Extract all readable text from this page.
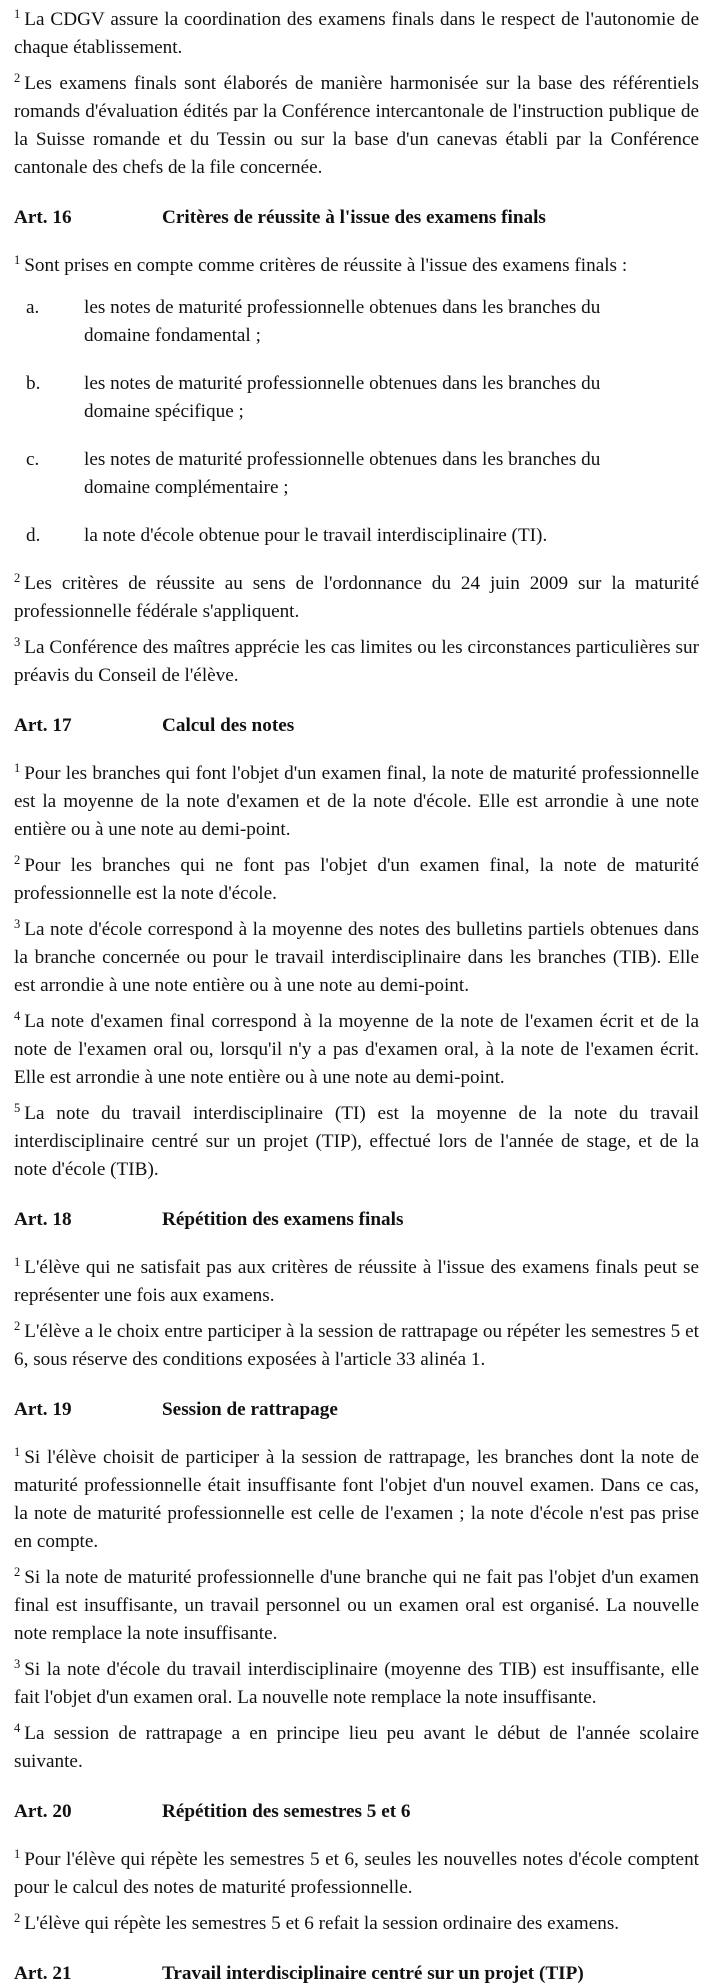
$^1$ La CDGV assure la coordination des examens finals dans le respect de l'autonomie de chaque établissement.

$^2$ Les examens finals sont élaborés de manière harmonisée sur la base des référentiels romands d'évaluation édités par la Conférence intercantonale de l'instruction publique de la Suisse romande et du Tessin ou sur la base d'un canevas établi par la Conférence cantonale des chefs de la file concernée.

Art. 16	Critères de réussite à l'issue des examens finals

$^1$ Sont prises en compte comme critères de réussite à l'issue des examens finals :

a.	les notes de maturité professionnelle obtenues dans les branches du domaine fondamental ;
b.	les notes de maturité professionnelle obtenues dans les branches du domaine spécifique ;
c.	les notes de maturité professionnelle obtenues dans les branches du domaine complémentaire ;
d.	la note d'école obtenue pour le travail interdisciplinaire (TI).

$^2$ Les critères de réussite au sens de l'ordonnance du 24 juin 2009 sur la maturité professionnelle fédérale s'appliquent.

$^3$ La Conférence des maîtres apprécie les cas limites ou les circonstances particulières sur préavis du Conseil de l'élève.

Art. 17	Calcul des notes

$^1$ Pour les branches qui font l'objet d'un examen final, la note de maturité professionnelle est la moyenne de la note d'examen et de la note d'école. Elle est arrondie à une note entière ou à une note au demi-point.

$^2$ Pour les branches qui ne font pas l'objet d'un examen final, la note de maturité professionnelle est la note d'école.

$^3$ La note d'école correspond à la moyenne des notes des bulletins partiels obtenues dans la branche concernée ou pour le travail interdisciplinaire dans les branches (TIB). Elle est arrondie à une note entière ou à une note au demi-point.

$^4$ La note d'examen final correspond à la moyenne de la note de l'examen écrit et de la note de l'examen oral ou, lorsqu'il n'y a pas d'examen oral, à la note de l'examen écrit. Elle est arrondie à une note entière ou à une note au demi-point.

$^5$ La note du travail interdisciplinaire (TI) est la moyenne de la note du travail interdisciplinaire centré sur un projet (TIP), effectué lors de l'année de stage, et de la note d'école (TIB).

Art. 18	Répétition des examens finals

$^1$ L'élève qui ne satisfait pas aux critères de réussite à l'issue des examens finals peut se représenter une fois aux examens.

$^2$ L'élève a le choix entre participer à la session de rattrapage ou répéter les semestres 5 et 6, sous réserve des conditions exposées à l'article 33 alinéa 1.

Art. 19	Session de rattrapage

$^1$ Si l'élève choisit de participer à la session de rattrapage, les branches dont la note de maturité professionnelle était insuffisante font l'objet d'un nouvel examen. Dans ce cas, la note de maturité professionnelle est celle de l'examen ; la note d'école n'est pas prise en compte.

$^2$ Si la note de maturité professionnelle d'une branche qui ne fait pas l'objet d'un examen final est insuffisante, un travail personnel ou un examen oral est organisé. La nouvelle note remplace la note insuffisante.

$^3$ Si la note d'école du travail interdisciplinaire (moyenne des TIB) est insuffisante, elle fait l'objet d'un examen oral. La nouvelle note remplace la note insuffisante.

$^4$ La session de rattrapage a en principe lieu peu avant le début de l'année scolaire suivante.

Art. 20	Répétition des semestres 5 et 6

$^1$ Pour l'élève qui répète les semestres 5 et 6, seules les nouvelles notes d'école comptent pour le calcul des notes de maturité professionnelle.

$^2$ L'élève qui répète les semestres 5 et 6 refait la session ordinaire des examens.

Art. 21	Travail interdisciplinaire centré sur un projet (TIP)
